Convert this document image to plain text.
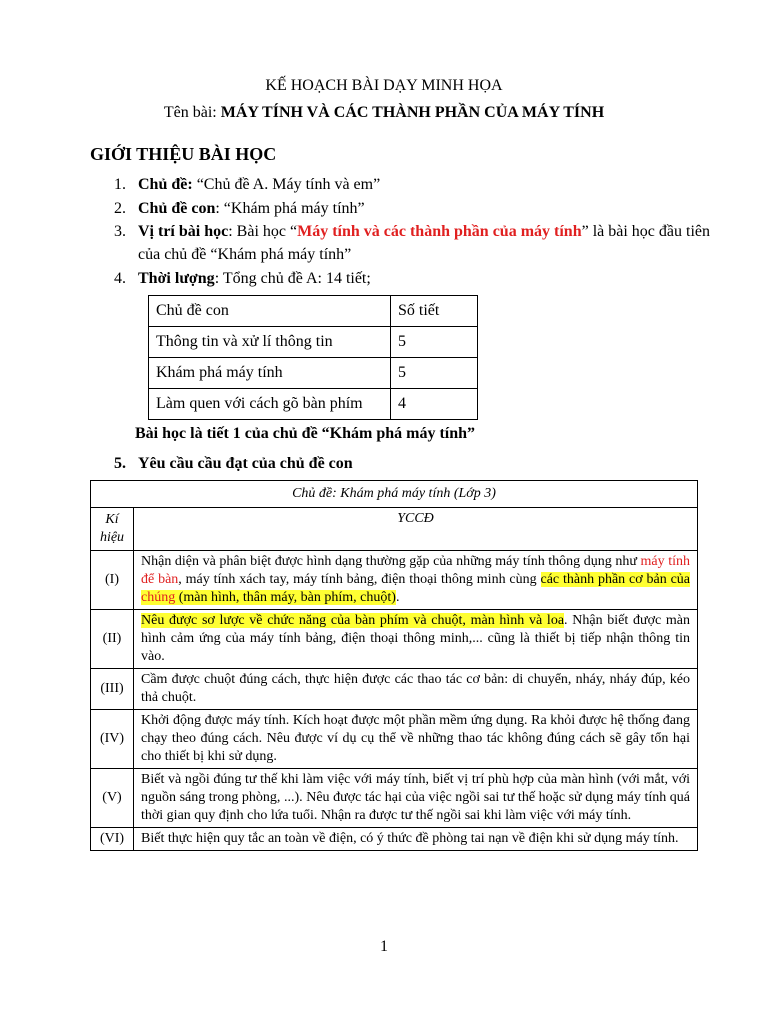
KẾ HOẠCH BÀI DẠY MINH HỌA
Tên bài: MÁY TÍNH VÀ CÁC THÀNH PHẦN CỦA MÁY TÍNH
GIỚI THIỆU BÀI HỌC
1. Chủ đề: “Chủ đề A. Máy tính và em”
2. Chủ đề con: “Khám phá máy tính”
3. Vị trí bài học: Bài học “Máy tính và các thành phần của máy tính” là bài học đầu tiên của chủ đề “Khám phá máy tính”
4. Thời lượng: Tổng chủ đề A: 14 tiết;
Chủ đề con	Số tiết
Thông tin và xử lí thông tin	5
Khám phá máy tính	5
Làm quen với cách gõ bàn phím	4
Bài học là tiết 1 của chủ đề “Khám phá máy tính”
5. Yêu cầu cầu đạt của chủ đề con
Chủ đề: Khám phá máy tính (Lớp 3)	
Kí hiệu	YCCĐ
(I)	Nhận diện và phân biệt được hình dạng thường gặp của những máy tính thông dụng như máy tính để bàn, máy tính xách tay, máy tính bảng, điện thoại thông minh cùng các thành phần cơ bản của chúng (màn hình, thân máy, bàn phím, chuột).
(II)	Nêu được sơ lược về chức năng của bàn phím và chuột, màn hình và loa. Nhận biết được màn hình cảm ứng của máy tính bảng, điện thoại thông minh,... cũng là thiết bị tiếp nhận thông tin vào.
(III)	Cầm được chuột đúng cách, thực hiện được các thao tác cơ bản: di chuyển, nháy, nháy đúp, kéo thả chuột.
(IV)	Khởi động được máy tính. Kích hoạt được một phần mềm ứng dụng. Ra khỏi được hệ thống đang chạy theo đúng cách. Nêu được ví dụ cụ thể về những thao tác không đúng cách sẽ gây tổn hại cho thiết bị khi sử dụng.
(V)	Biết và ngồi đúng tư thế khi làm việc với máy tính, biết vị trí phù hợp của màn hình (với mắt, với nguồn sáng trong phòng, ...). Nêu được tác hại của việc ngồi sai tư thế hoặc sử dụng máy tính quá thời gian quy định cho lứa tuổi. Nhận ra được tư thế ngồi sai khi làm việc với máy tính.
(VI)	Biết thực hiện quy tắc an toàn về điện, có ý thức đề phòng tai nạn về điện khi sử dụng máy tính.
1
